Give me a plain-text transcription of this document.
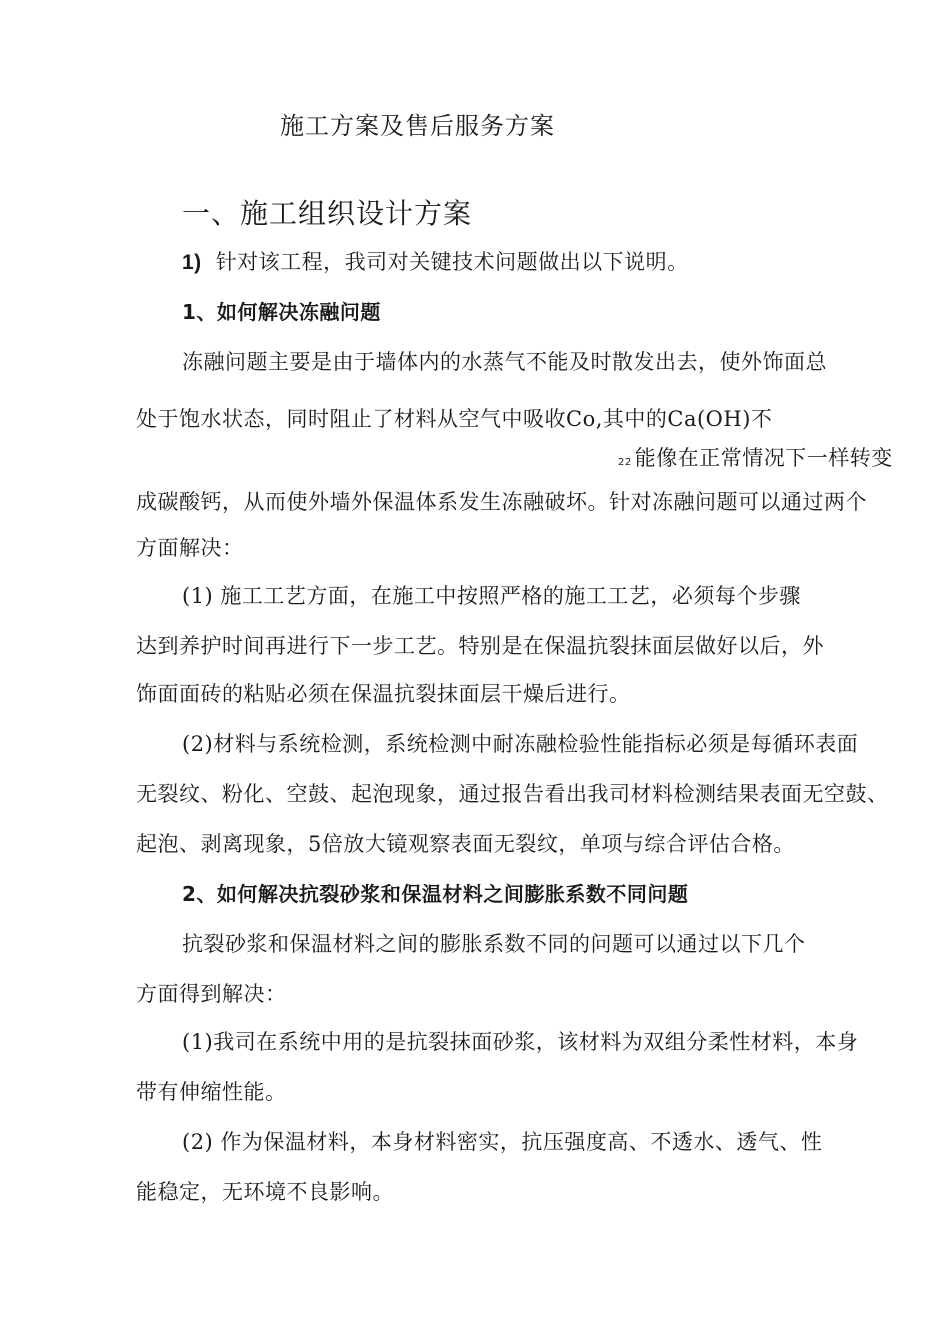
施工方案及售后服务方案
一、施工组织设计方案
1) 针对该工程，我司对关键技术问题做出以下说明。
1、如何解决冻融问题
冻融问题主要是由于墙体内的水蒸气不能及时散发出去，使外饰面总
处于饱水状态，同时阻止了材料从空气中吸收Co,其中的Ca(OH)不
22 能像在正常情况下一样转变
成碳酸钙，从而使外墙外保温体系发生冻融破坏。针对冻融问题可以通过两个
方面解决：
(1) 施工工艺方面，在施工中按照严格的施工工艺，必须每个步骤
达到养护时间再进行下一步工艺。特别是在保温抗裂抹面层做好以后，外
饰面面砖的粘贴必须在保温抗裂抹面层干燥后进行。
(2)材料与系统检测，系统检测中耐冻融检验性能指标必须是每循环表面
无裂纹、粉化、空鼓、起泡现象，通过报告看出我司材料检测结果表面无空鼓、
起泡、剥离现象，5倍放大镜观察表面无裂纹，单项与综合评估合格。
2、如何解决抗裂砂浆和保温材料之间膨胀系数不同问题
抗裂砂浆和保温材料之间的膨胀系数不同的问题可以通过以下几个
方面得到解决：
(1)我司在系统中用的是抗裂抹面砂浆，该材料为双组分柔性材料，本身
带有伸缩性能。
(2) 作为保温材料，本身材料密实，抗压强度高、不透水、透气、性
能稳定，无环境不良影响。
